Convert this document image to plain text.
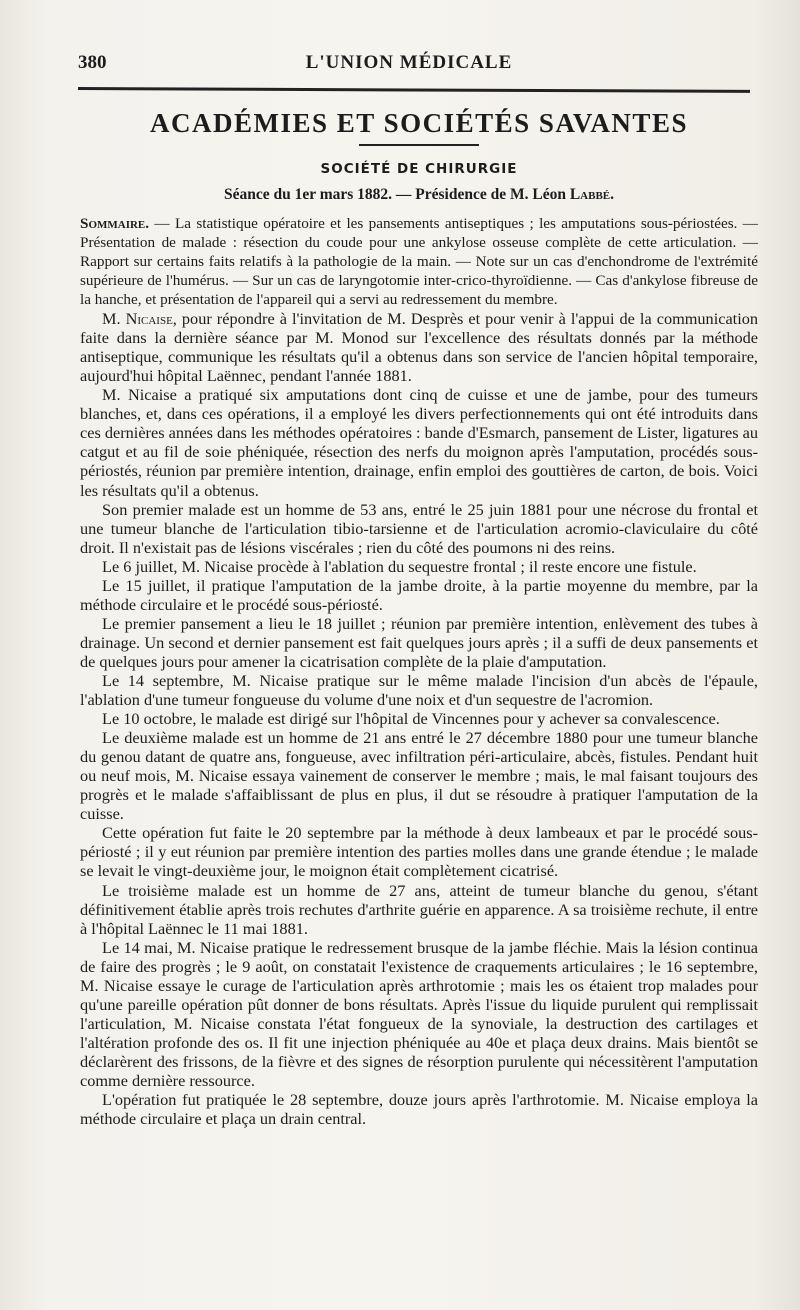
380	L'UNION MÉDICALE
ACADÉMIES ET SOCIÉTÉS SAVANTES
SOCIÉTÉ DE CHIRURGIE
Séance du 1er mars 1882. — Présidence de M. Léon Labbé.

Sommaire. — La statistique opératoire et les pansements antiseptiques ; les amputations sous-périostées. — Présentation de malade : résection du coude pour une ankylose osseuse complète de cette articulation. — Rapport sur certains faits relatifs à la pathologie de la main. — Note sur un cas d'enchondrome de l'extrémité supérieure de l'humérus. — Sur un cas de laryngotomie inter-crico-thyroïdienne. — Cas d'ankylose fibreuse de la hanche, et présentation de l'appareil qui a servi au redressement du membre.

M. Nicaise, pour répondre à l'invitation de M. Desprès et pour venir à l'appui de la communication faite dans la dernière séance par M. Monod sur l'excellence des résultats donnés par la méthode antiseptique, communique les résultats qu'il a obtenus dans son service de l'ancien hôpital temporaire, aujourd'hui hôpital Laënnec, pendant l'année 1881.

M. Nicaise a pratiqué six amputations dont cinq de cuisse et une de jambe, pour des tumeurs blanches, et, dans ces opérations, il a employé les divers perfectionnements qui ont été introduits dans ces dernières années dans les méthodes opératoires : bande d'Esmarch, pansement de Lister, ligatures au catgut et au fil de soie phéniquée, résection des nerfs du moignon après l'amputation, procédés sous-périostés, réunion par première intention, drainage, enfin emploi des gouttières de carton, de bois. Voici les résultats qu'il a obtenus.

Son premier malade est un homme de 53 ans, entré le 25 juin 1881 pour une nécrose du frontal et une tumeur blanche de l'articulation tibio-tarsienne et de l'articulation acromio-claviculaire du côté droit. Il n'existait pas de lésions viscérales ; rien du côté des poumons ni des reins.

Le 6 juillet, M. Nicaise procède à l'ablation du sequestre frontal ; il reste encore une fistule.

Le 15 juillet, il pratique l'amputation de la jambe droite, à la partie moyenne du membre, par la méthode circulaire et le procédé sous-périosté.

Le premier pansement a lieu le 18 juillet ; réunion par première intention, enlèvement des tubes à drainage. Un second et dernier pansement est fait quelques jours après ; il a suffi de deux pansements et de quelques jours pour amener la cicatrisation complète de la plaie d'amputation.

Le 14 septembre, M. Nicaise pratique sur le même malade l'incision d'un abcès de l'épaule, l'ablation d'une tumeur fongueuse du volume d'une noix et d'un sequestre de l'acromion.

Le 10 octobre, le malade est dirigé sur l'hôpital de Vincennes pour y achever sa convalescence.

Le deuxième malade est un homme de 21 ans entré le 27 décembre 1880 pour une tumeur blanche du genou datant de quatre ans, fongueuse, avec infiltration péri-articulaire, abcès, fistules. Pendant huit ou neuf mois, M. Nicaise essaya vainement de conserver le membre ; mais, le mal faisant toujours des progrès et le malade s'affaiblissant de plus en plus, il dut se résoudre à pratiquer l'amputation de la cuisse.

Cette opération fut faite le 20 septembre par la méthode à deux lambeaux et par le procédé sous-périosté ; il y eut réunion par première intention des parties molles dans une grande étendue ; le malade se levait le vingt-deuxième jour, le moignon était complètement cicatrisé.

Le troisième malade est un homme de 27 ans, atteint de tumeur blanche du genou, s'étant définitivement établie après trois rechutes d'arthrite guérie en apparence. A sa troisième rechute, il entre à l'hôpital Laënnec le 11 mai 1881.

Le 14 mai, M. Nicaise pratique le redressement brusque de la jambe fléchie. Mais la lésion continua de faire des progrès ; le 9 août, on constatait l'existence de craquements articulaires ; le 16 septembre, M. Nicaise essaye le curage de l'articulation après arthrotomie ; mais les os étaient trop malades pour qu'une pareille opération pût donner de bons résultats. Après l'issue du liquide purulent qui remplissait l'articulation, M. Nicaise constata l'état fongueux de la synoviale, la destruction des cartilages et l'altération profonde des os. Il fit une injection phéniquée au 40e et plaça deux drains. Mais bientôt se déclarèrent des frissons, de la fièvre et des signes de résorption purulente qui nécessitèrent l'amputation comme dernière ressource.

L'opération fut pratiquée le 28 septembre, douze jours après l'arthrotomie. M. Nicaise employa la méthode circulaire et plaça un drain central.
